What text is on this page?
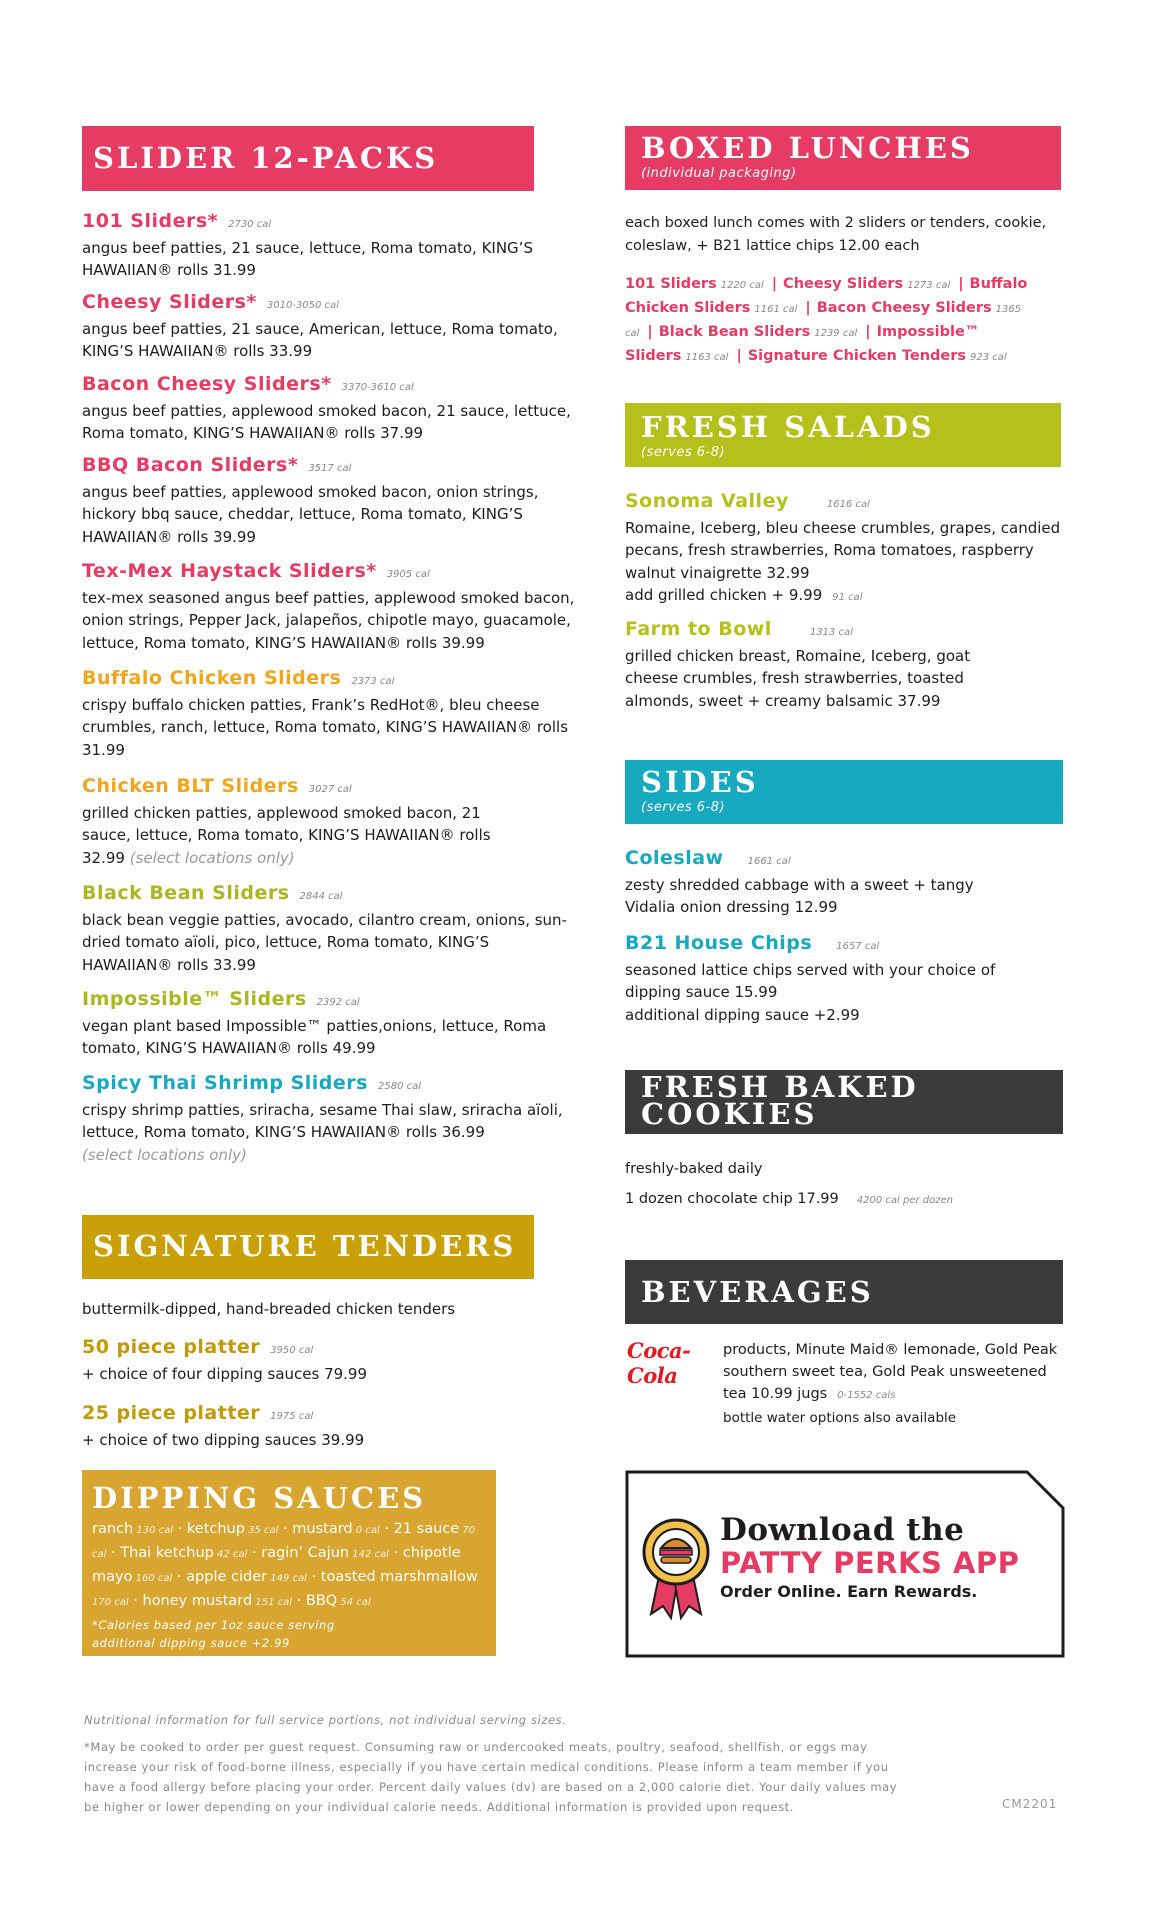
SLIDER 12-PACKS
101 Sliders* 2730 cal
angus beef patties, 21 sauce, lettuce, Roma tomato, KING’S HAWAIIAN® rolls 31.99
Cheesy Sliders* 3010-3050 cal
angus beef patties, 21 sauce, American, lettuce, Roma tomato, KING’S HAWAIIAN® rolls 33.99
Bacon Cheesy Sliders* 3370-3610 cal
angus beef patties, applewood smoked bacon, 21 sauce, lettuce, Roma tomato, KING’S HAWAIIAN® rolls 37.99
BBQ Bacon Sliders* 3517 cal
angus beef patties, applewood smoked bacon, onion strings, hickory bbq sauce, cheddar, lettuce, Roma tomato, KING’S HAWAIIAN® rolls 39.99
Tex-Mex Haystack Sliders* 3905 cal
tex-mex seasoned angus beef patties, applewood smoked bacon, onion strings, Pepper Jack, jalapeños, chipotle mayo, guacamole, lettuce, Roma tomato, KING’S HAWAIIAN® rolls 39.99
Buffalo Chicken Sliders 2373 cal
crispy buffalo chicken patties, Frank’s RedHot®, bleu cheese crumbles, ranch, lettuce, Roma tomato, KING’S HAWAIIAN® rolls 31.99
Chicken BLT Sliders 3027 cal
grilled chicken patties, applewood smoked bacon, 21 sauce, lettuce, Roma tomato, KING’S HAWAIIAN® rolls 32.99 (select locations only)
Black Bean Sliders 2844 cal
black bean veggie patties, avocado, cilantro cream, onions, sun-dried tomato aïoli, pico, lettuce, Roma tomato, KING’S HAWAIIAN® rolls 33.99
Impossible™ Sliders 2392 cal
vegan plant based Impossible™ patties,onions, lettuce, Roma tomato, KING’S HAWAIIAN® rolls 49.99
Spicy Thai Shrimp Sliders 2580 cal
crispy shrimp patties, sriracha, sesame Thai slaw, sriracha aïoli, lettuce, Roma tomato, KING’S HAWAIIAN® rolls 36.99
(select locations only)
SIGNATURE TENDERS
buttermilk-dipped, hand-breaded chicken tenders
50 piece platter 3950 cal
+ choice of four dipping sauces 79.99
25 piece platter 1975 cal
+ choice of two dipping sauces 39.99
DIPPING SAUCES
ranch 130 cal · ketchup 35 cal · mustard 0 cal · 21 sauce 70 cal · Thai ketchup 42 cal · ragin’ Cajun 142 cal · chipotle mayo 160 cal · apple cider 149 cal · toasted marshmallow 170 cal · honey mustard 151 cal · BBQ 54 cal
*Calories based per 1oz sauce serving
additional dipping sauce +2.99
BOXED LUNCHES
(individual packaging)
each boxed lunch comes with 2 sliders or tenders, cookie, coleslaw, + B21 lattice chips 12.00 each
101 Sliders 1220 cal | Cheesy Sliders 1273 cal | Buffalo Chicken Sliders 1161 cal | Bacon Cheesy Sliders 1365 cal | Black Bean Sliders 1239 cal | Impossible™ Sliders 1163 cal | Signature Chicken Tenders 923 cal
FRESH SALADS
(serves 6-8)
Sonoma Valley	1616 cal
Romaine, Iceberg, bleu cheese crumbles, grapes, candied pecans, fresh strawberries, Roma tomatoes, raspberry walnut vinaigrette 32.99
add grilled chicken + 9.99 91 cal
Farm to Bowl	1313 cal
grilled chicken breast, Romaine, Iceberg, goat cheese crumbles, fresh strawberries, toasted almonds, sweet + creamy balsamic 37.99
SIDES
(serves 6-8)
Coleslaw 1661 cal
zesty shredded cabbage with a sweet + tangy Vidalia onion dressing 12.99
B21 House Chips 1657 cal
seasoned lattice chips served with your choice of dipping sauce 15.99
additional dipping sauce +2.99
FRESH BAKED COOKIES
freshly-baked daily
1 dozen chocolate chip 17.99 4200 cal per dozen
BEVERAGES
Coca-Cola
products, Minute Maid® lemonade, Gold Peak southern sweet tea, Gold Peak unsweetened tea 10.99 jugs 0-1552 cals
bottle water options also available
Download the
PATTY PERKS APP
Order Online. Earn Rewards.
Nutritional information for full service portions, not individual serving sizes.
*May be cooked to order per guest request. Consuming raw or undercooked meats, poultry, seafood, shellfish, or eggs may increase your risk of food-borne illness, especially if you have certain medical conditions. Please inform a team member if you have a food allergy before placing your order. Percent daily values (dv) are based on a 2,000 calorie diet. Your daily values may be higher or lower depending on your individual calorie needs. Additional information is provided upon request.	CM2201
